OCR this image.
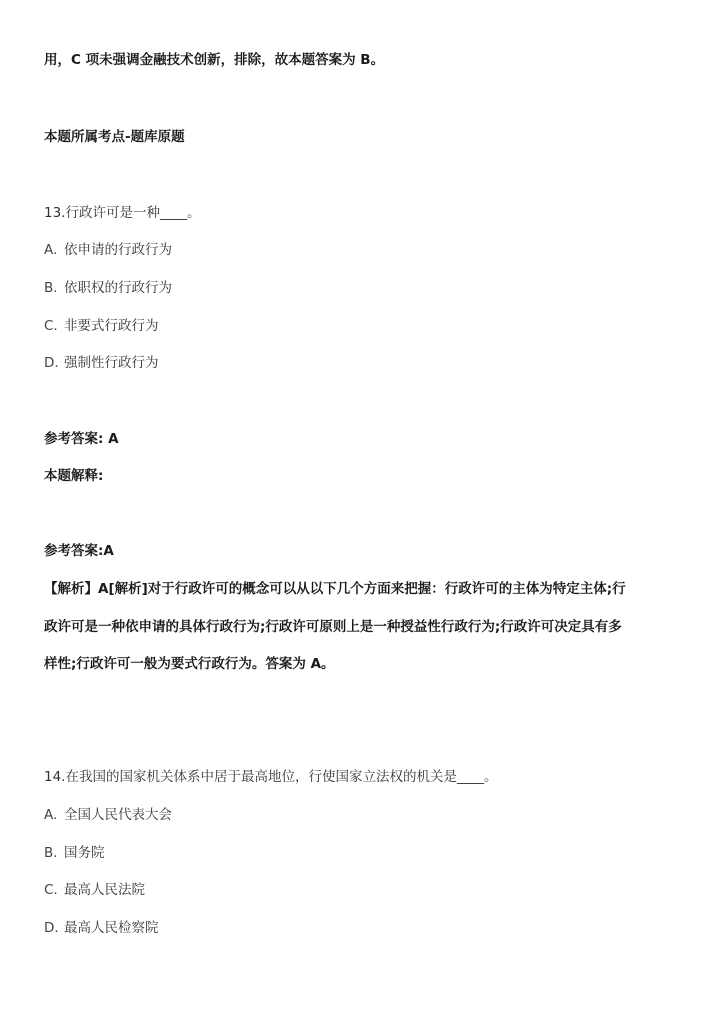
用，C 项未强调金融技术创新，排除，故本题答案为 B。
本题所属考点-题库原题
13.行政许可是一种____。
A. 依申请的行政行为
B. 依职权的行政行为
C. 非要式行政行为
D. 强制性行政行为
参考答案: A
本题解释:
参考答案:A
【解析】A[解析]对于行政许可的概念可以从以下几个方面来把握：行政许可的主体为特定主体;行
政许可是一种依申请的具体行政行为;行政许可原则上是一种授益性行政行为;行政许可决定具有多
样性;行政许可一般为要式行政行为。答案为 A。
14.在我国的国家机关体系中居于最高地位，行使国家立法权的机关是____。
A. 全国人民代表大会
B. 国务院
C. 最高人民法院
D. 最高人民检察院
